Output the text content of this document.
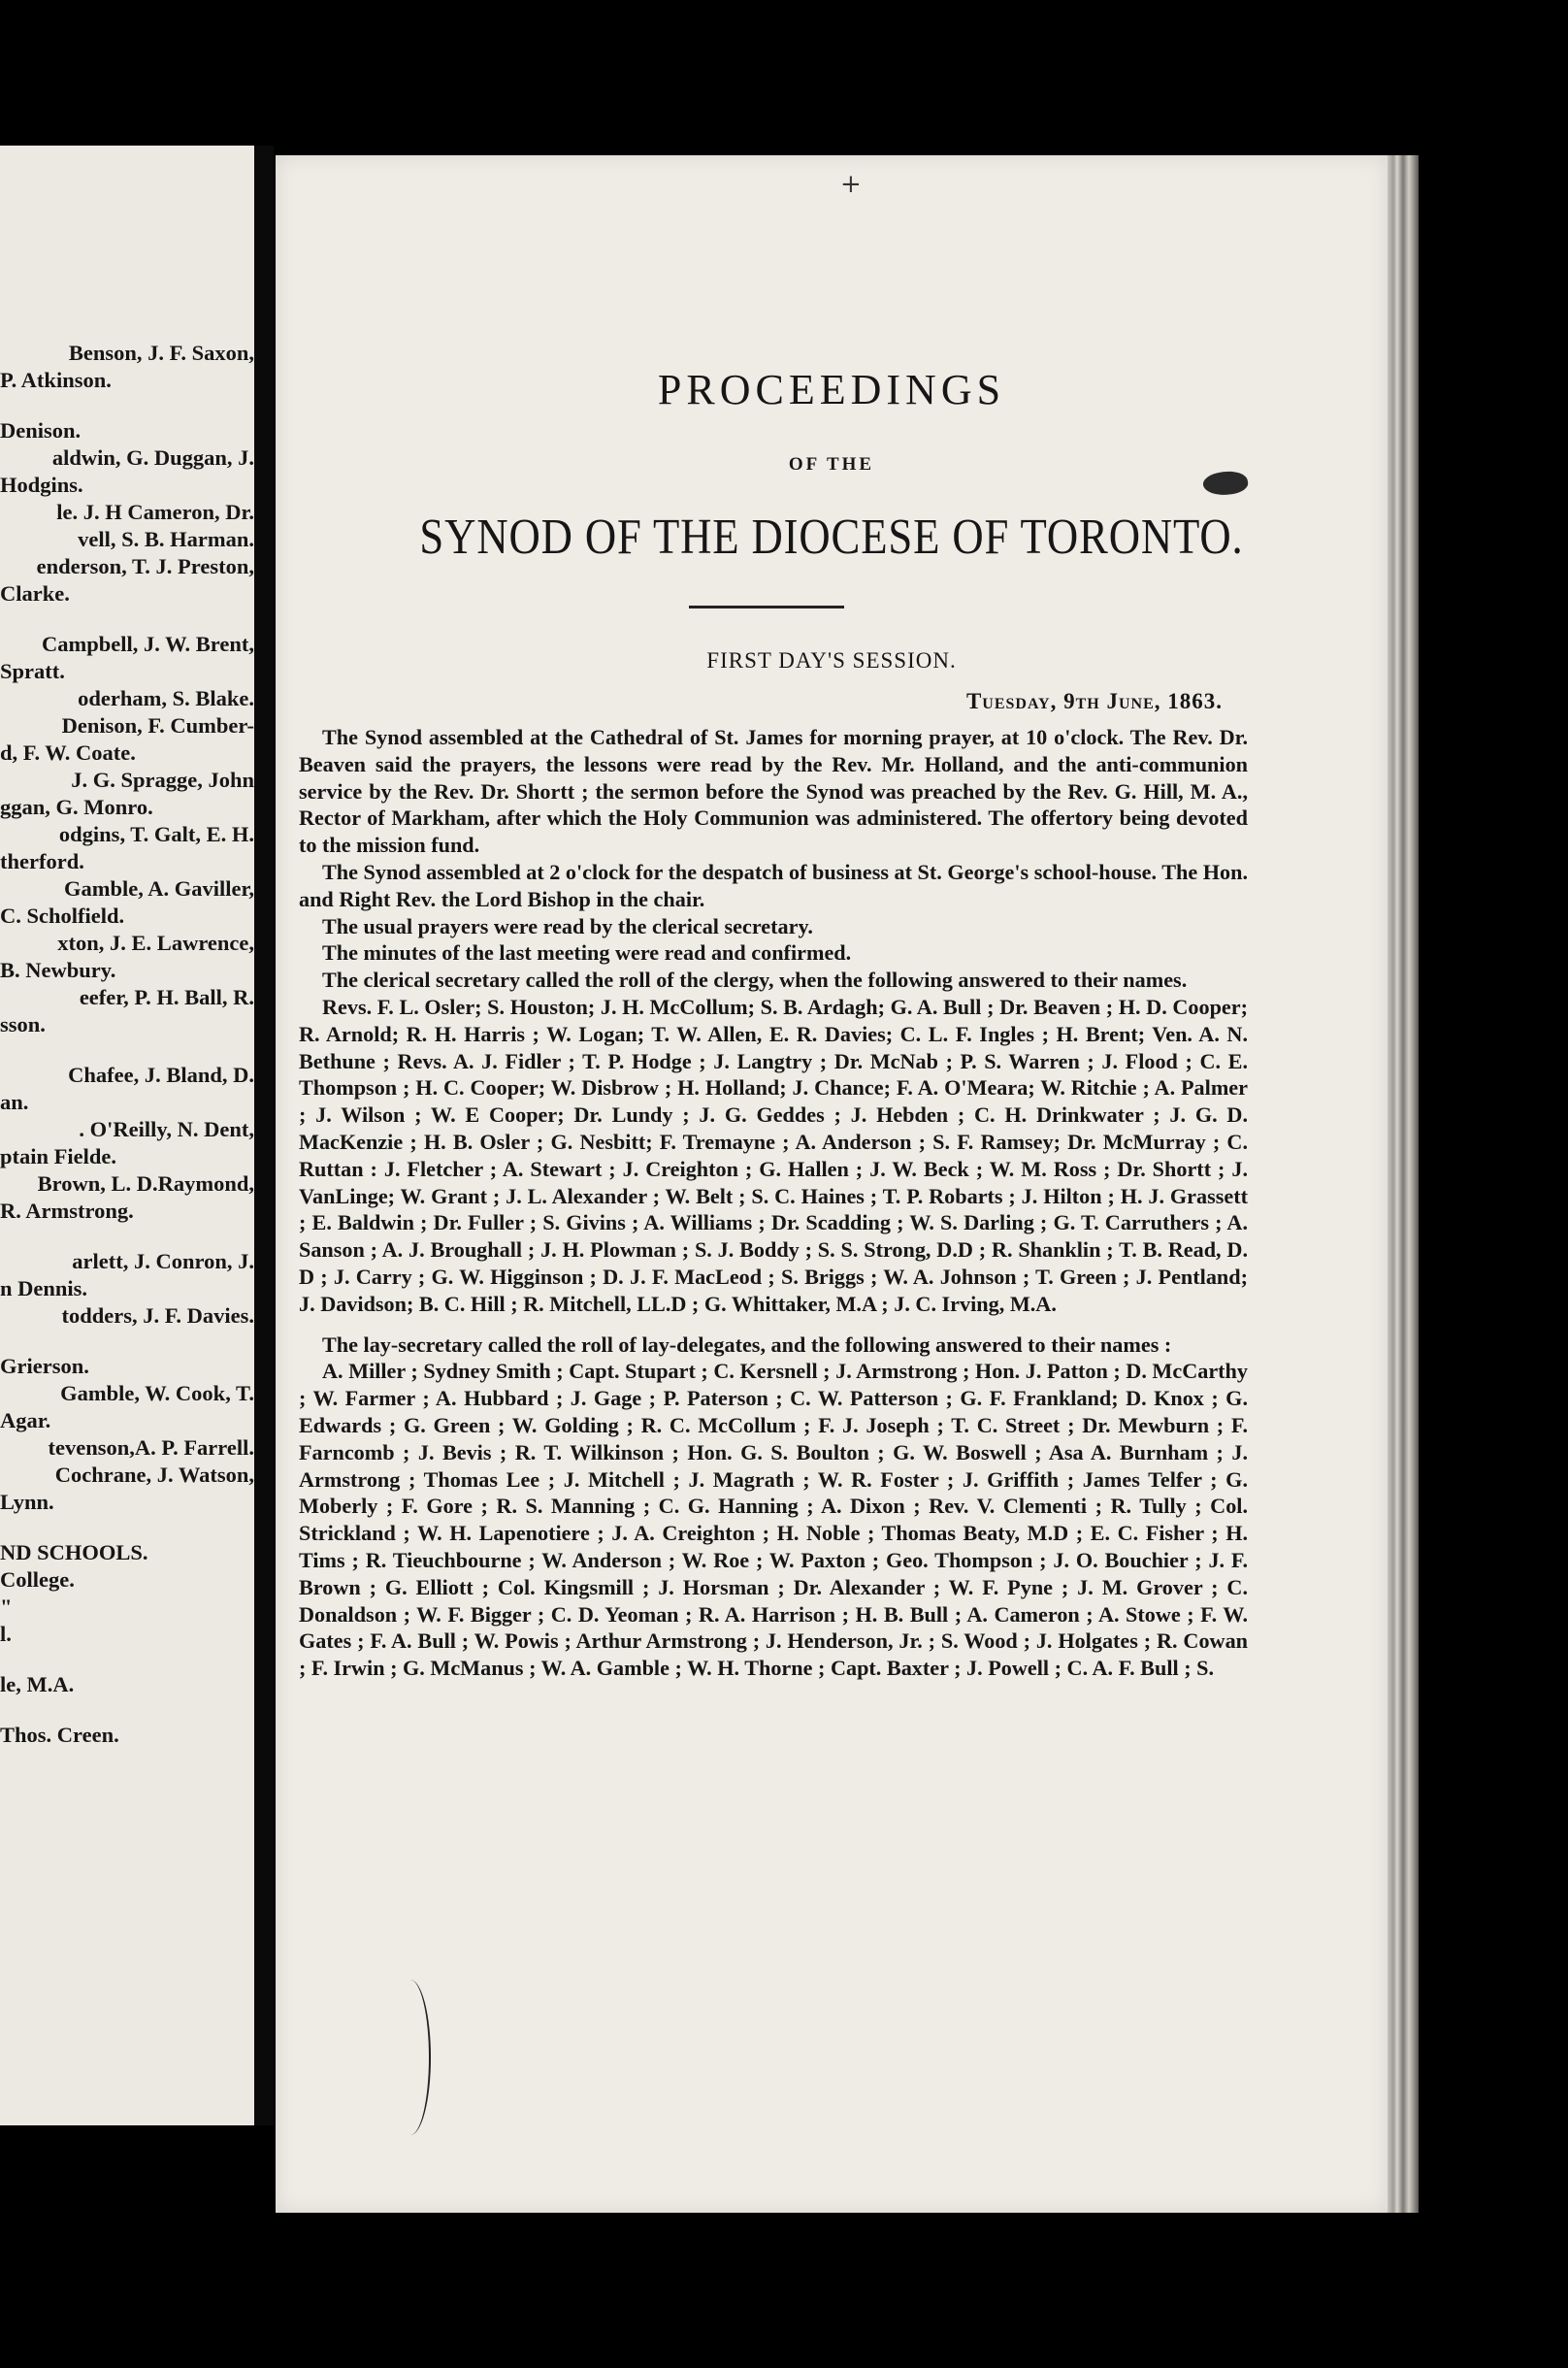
Benson, J. F. Saxon,
P. Atkinson.
Denison.
aldwin, G. Duggan, J.
Hodgins.
le. J. H Cameron, Dr.
vell, S. B. Harman.
enderson, T. J. Preston,
Clarke.
Campbell, J. W. Brent,
Spratt.
oderham, S. Blake.
Denison, F. Cumber-
d, F. W. Coate.
J. G. Spragge, John
ggan, G. Monro.
odgins, T. Galt, E. H.
therford.
Gamble, A. Gaviller,
C. Scholfield.
xton, J. E. Lawrence,
B. Newbury.
eefer, P. H. Ball, R.
sson.
Chafee, J. Bland, D.
an.
. O'Reilly, N. Dent,
ptain Fielde.
Brown, L. D.Raymond,
R. Armstrong.
arlett, J. Conron, J.
n Dennis.
todders, J. F. Davies.
Grierson.
Gamble, W. Cook, T.
Agar.
tevenson,A. P. Farrell.
Cochrane, J. Watson,
Lynn.
ND SCHOOLS.
College.
"
l.
le, M.A.
Thos. Creen.
+
PROCEEDINGS
OF THE
SYNOD OF THE DIOCESE OF TORONTO.
FIRST DAY'S SESSION.
Tuesday, 9th June, 1863.

The Synod assembled at the Cathedral of St. James for morning prayer, at 10 o'clock. The Rev. Dr. Beaven said the prayers, the lessons were read by the Rev. Mr. Holland, and the anti-communion service by the Rev. Dr. Shortt ; the sermon before the Synod was preached by the Rev. G. Hill, M. A., Rector of Markham, after which the Holy Communion was administered. The offertory being devoted to the mission fund.

The Synod assembled at 2 o'clock for the despatch of business at St. George's school-house. The Hon. and Right Rev. the Lord Bishop in the chair.

The usual prayers were read by the clerical secretary.

The minutes of the last meeting were read and confirmed.

The clerical secretary called the roll of the clergy, when the following answered to their names.

Revs. F. L. Osler; S. Houston; J. H. McCollum; S. B. Ardagh; G. A. Bull ; Dr. Beaven ; H. D. Cooper; R. Arnold; R. H. Harris ; W. Logan; T. W. Allen, E. R. Davies; C. L. F. Ingles ; H. Brent; Ven. A. N. Bethune ; Revs. A. J. Fidler ; T. P. Hodge ; J. Langtry ; Dr. McNab ; P. S. Warren ; J. Flood ; C. E. Thompson ; H. C. Cooper; W. Disbrow ; H. Holland; J. Chance; F. A. O'Meara; W. Ritchie ; A. Palmer ; J. Wilson ; W. E Cooper; Dr. Lundy ; J. G. Geddes ; J. Hebden ; C. H. Drinkwater ; J. G. D. MacKenzie ; H. B. Osler ; G. Nesbitt; F. Tremayne ; A. Anderson ; S. F. Ramsey; Dr. McMurray ; C. Ruttan : J. Fletcher ; A. Stewart ; J. Creighton ; G. Hallen ; J. W. Beck ; W. M. Ross ; Dr. Shortt ; J. VanLinge; W. Grant ; J. L. Alexander ; W. Belt ; S. C. Haines ; T. P. Robarts ; J. Hilton ; H. J. Grassett ; E. Baldwin ; Dr. Fuller ; S. Givins ; A. Williams ; Dr. Scadding ; W. S. Darling ; G. T. Carruthers ; A. Sanson ; A. J. Broughall ; J. H. Plowman ; S. J. Boddy ; S. S. Strong, D.D ; R. Shanklin ; T. B. Read, D. D ; J. Carry ; G. W. Higginson ; D. J. F. MacLeod ; S. Briggs ; W. A. Johnson ; T. Green ; J. Pentland; J. Davidson; B. C. Hill ; R. Mitchell, LL.D ; G. Whittaker, M.A ; J. C. Irving, M.A.

The lay-secretary called the roll of lay-delegates, and the following answered to their names :

A. Miller ; Sydney Smith ; Capt. Stupart ; C. Kersnell ; J. Armstrong ; Hon. J. Patton ; D. McCarthy ; W. Farmer ; A. Hubbard ; J. Gage ; P. Paterson ; C. W. Patterson ; G. F. Frankland; D. Knox ; G. Edwards ; G. Green ; W. Golding ; R. C. McCollum ; F. J. Joseph ; T. C. Street ; Dr. Mewburn ; F. Farncomb ; J. Bevis ; R. T. Wilkinson ; Hon. G. S. Boulton ; G. W. Boswell ; Asa A. Burnham ; J. Armstrong ; Thomas Lee ; J. Mitchell ; J. Magrath ; W. R. Foster ; J. Griffith ; James Telfer ; G. Moberly ; F. Gore ; R. S. Manning ; C. G. Hanning ; A. Dixon ; Rev. V. Clementi ; R. Tully ; Col. Strickland ; W. H. Lapenotiere ; J. A. Creighton ; H. Noble ; Thomas Beaty, M.D ; E. C. Fisher ; H. Tims ; R. Tieuchbourne ; W. Anderson ; W. Roe ; W. Paxton ; Geo. Thompson ; J. O. Bouchier ; J. F. Brown ; G. Elliott ; Col. Kingsmill ; J. Horsman ; Dr. Alexander ; W. F. Pyne ; J. M. Grover ; C. Donaldson ; W. F. Bigger ; C. D. Yeoman ; R. A. Harrison ; H. B. Bull ; A. Cameron ; A. Stowe ; F. W. Gates ; F. A. Bull ; W. Powis ; Arthur Armstrong ; J. Henderson, Jr. ; S. Wood ; J. Holgates ; R. Cowan ; F. Irwin ; G. McManus ; W. A. Gamble ; W. H. Thorne ; Capt. Baxter ; J. Powell ; C. A. F. Bull ; S.
